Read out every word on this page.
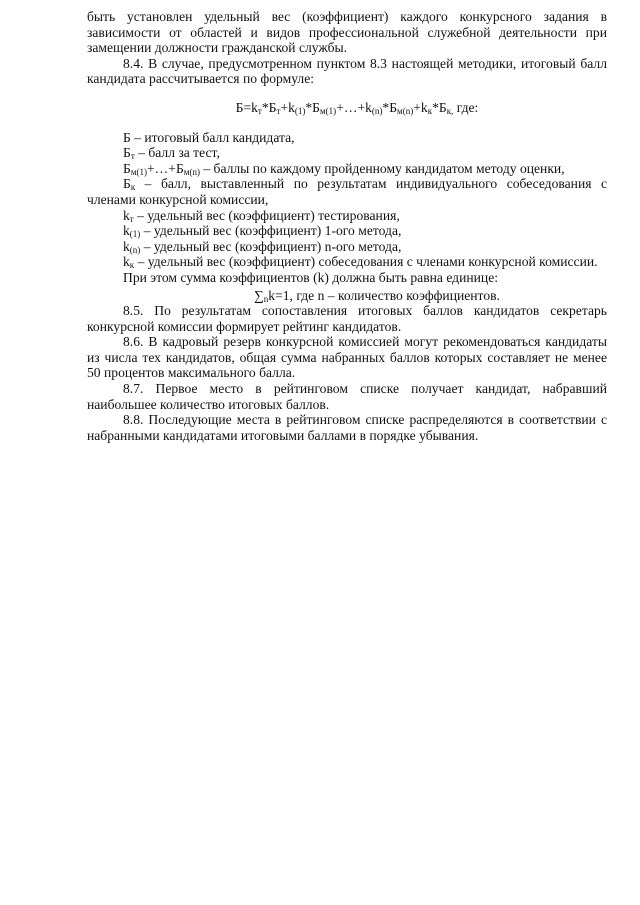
быть установлен удельный вес (коэффициент) каждого конкурсного задания в зависимости от областей и видов профессиональной служебной деятельности при замещении должности гражданской службы.

8.4. В случае, предусмотренном пунктом 8.3 настоящей методики, итоговый балл кандидата рассчитывается по формуле:

$Б=k_т*Б_т+k_{(1)}*Б_{м(1)}+\dots+k_{(n)}*Б_{м(n)}+k_к*Б_{к,}$ где:

Б – итоговый балл кандидата,

$Б_т$ – балл за тест,

$Б_{м(1)}+\dots+Б_{м(n)}$ – баллы по каждому пройденному кандидатом методу оценки,

$Б_к$ – балл, выставленный по результатам индивидуального собеседования с членами конкурсной комиссии,

$k_т$ – удельный вес (коэффициент) тестирования,

$k_{(1)}$ – удельный вес (коэффициент) 1-ого метода,

$k_{(n)}$ – удельный вес (коэффициент) n-ого метода,

$k_к$ – удельный вес (коэффициент) собеседования с членами конкурсной комиссии.

При этом сумма коэффициентов (k) должна быть равна единице:

$\sum_nk=1$, где n – количество коэффициентов.

8.5. По результатам сопоставления итоговых баллов кандидатов секретарь конкурсной комиссии формирует рейтинг кандидатов.

8.6. В кадровый резерв конкурсной комиссией могут рекомендоваться кандидаты из числа тех кандидатов, общая сумма набранных баллов которых составляет не менее 50 процентов максимального балла.

8.7. Первое место в рейтинговом списке получает кандидат, набравший наибольшее количество итоговых баллов.

8.8. Последующие места в рейтинговом списке распределяются в соответствии с набранными кандидатами итоговыми баллами в порядке убывания.
